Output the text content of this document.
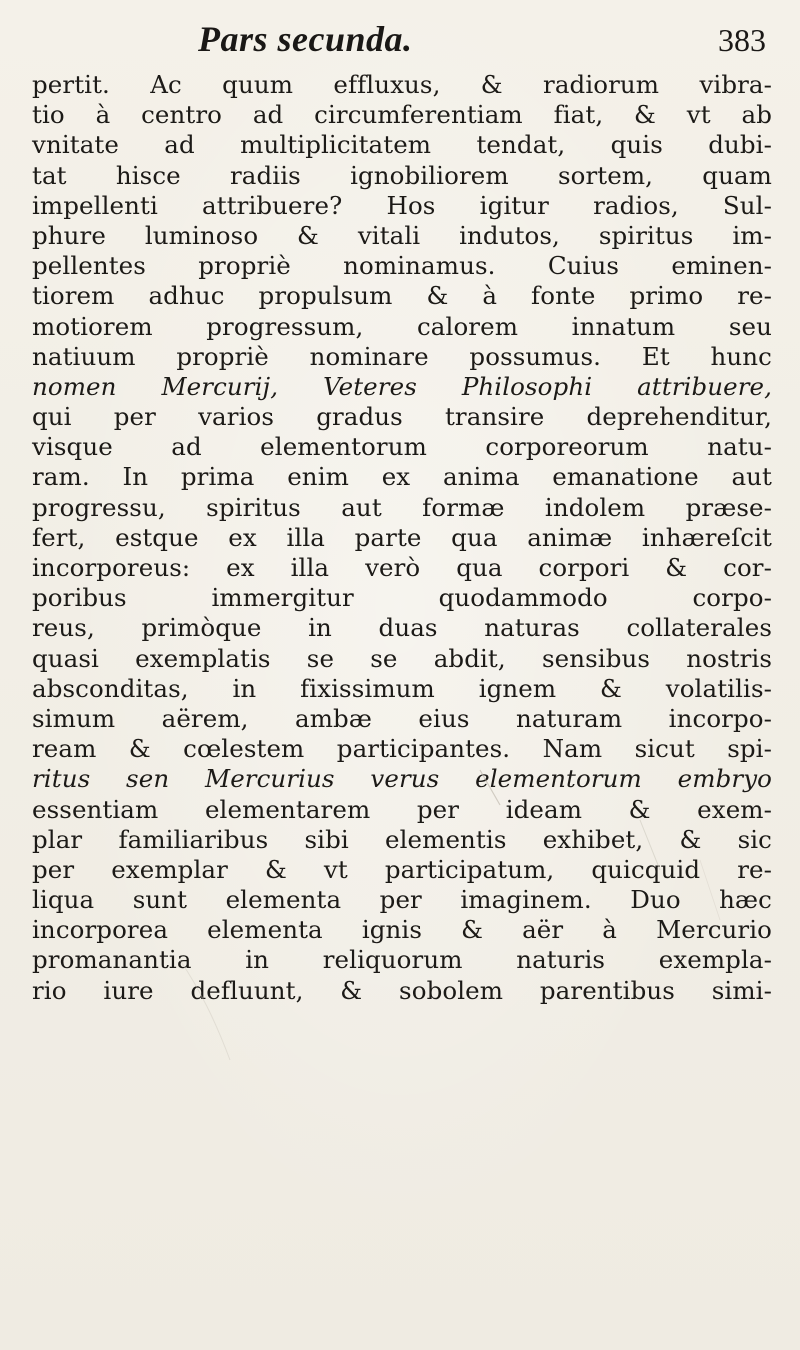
Pars secunda.	383
pertit. Ac quum effluxus, & radiorum vibra-
tio à centro ad circumferentiam fiat, & vt ab
vnitate ad multiplicitatem tendat, quis dubi-
tat hisce radiis ignobiliorem sortem, quam
impellenti attribuere? Hos igitur radios, Sul-
phure luminoso & vitali indutos, spiritus im-
pellentes propriè nominamus. Cuius eminen-
tiorem adhuc propulsum & à fonte primo re-
motiorem progressum, calorem innatum seu
natiuum propriè nominare possumus. Et hunc
nomen Mercurij, Veteres Philosophi attribuere,
qui per varios gradus transire deprehenditur,
visque ad elementorum corporeorum natu-
ram. In prima enim ex anima emanatione aut
progressu, spiritus aut formæ indolem præse-
fert, estque ex illa parte qua animæ inhæreſcit
incorporeus: ex illa verò qua corpori & cor-
poribus immergitur quodammodo corpo-
reus, primòque in duas naturas collaterales
quasi exemplatis se se abdit, sensibus nostris
absconditas, in fixissimum ignem & volatilis-
simum aërem, ambæ eius naturam incorpo-
ream & cœlestem participantes. Nam sicut spi-
ritus sen Mercurius verus elementorum embryo
essentiam elementarem per ideam & exem-
plar familiaribus sibi elementis exhibet, & sic
per exemplar & vt participatum, quicquid re-
liqua sunt elementa per imaginem. Duo hæc
incorporea elementa ignis & aër à Mercurio
promanantia in reliquorum naturis exempla-
rio iure defluunt, & sobolem parentibus simi-
